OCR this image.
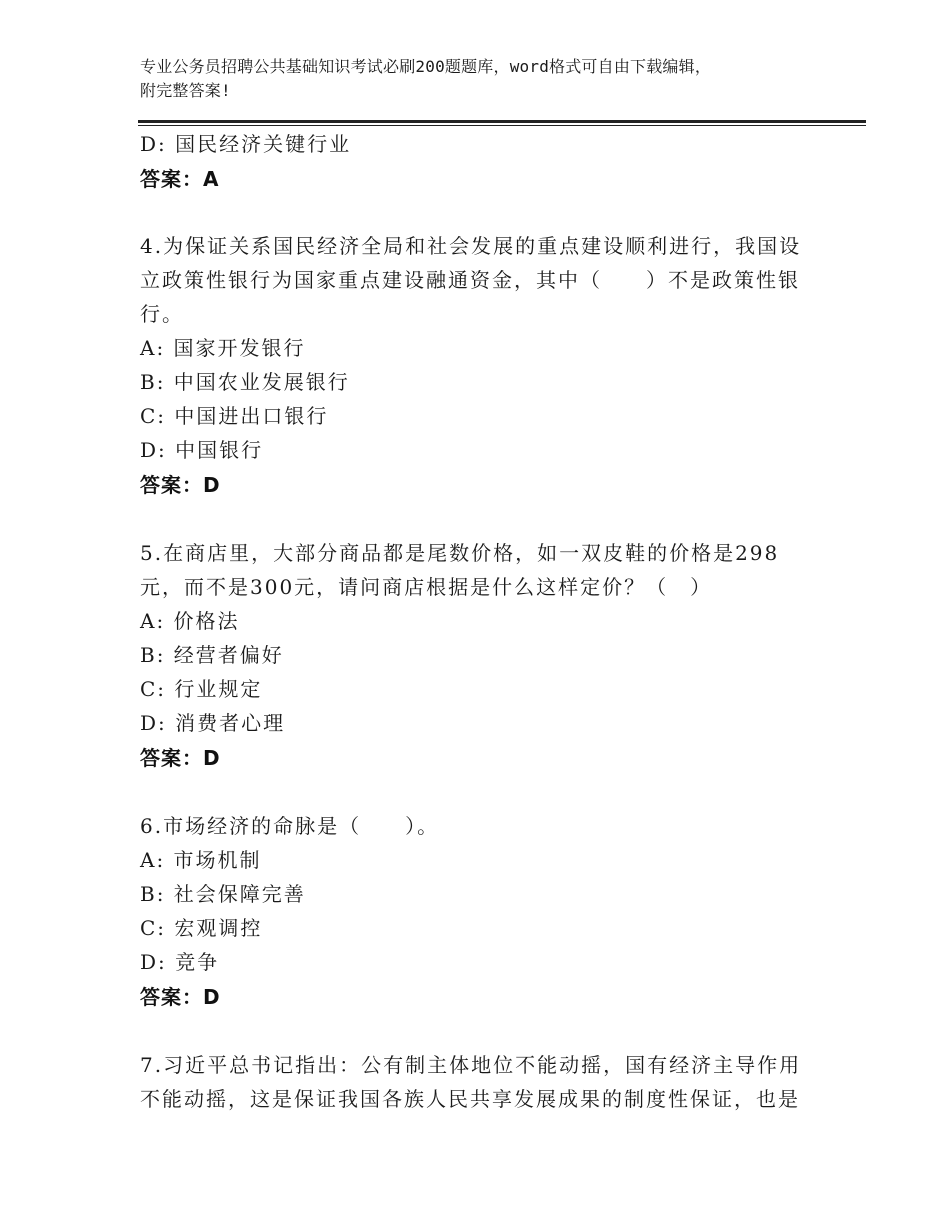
专业公务员招聘公共基础知识考试必刷200题题库，word格式可自由下载编辑，
附完整答案!
D: 国民经济关键行业
答案：A
4.为保证关系国民经济全局和社会发展的重点建设顺利进行，我国设
立政策性银行为国家重点建设融通资金，其中（　　）不是政策性银
行。
A: 国家开发银行
B: 中国农业发展银行
C: 中国进出口银行
D: 中国银行
答案：D
5.在商店里，大部分商品都是尾数价格，如一双皮鞋的价格是298
元，而不是300元，请问商店根据是什么这样定价？（　）
A: 价格法
B: 经营者偏好
C: 行业规定
D: 消费者心理
答案：D
6.市场经济的命脉是（　　）。
A: 市场机制
B: 社会保障完善
C: 宏观调控
D: 竞争
答案：D
7.习近平总书记指出：公有制主体地位不能动摇，国有经济主导作用
不能动摇，这是保证我国各族人民共享发展成果的制度性保证，也是
